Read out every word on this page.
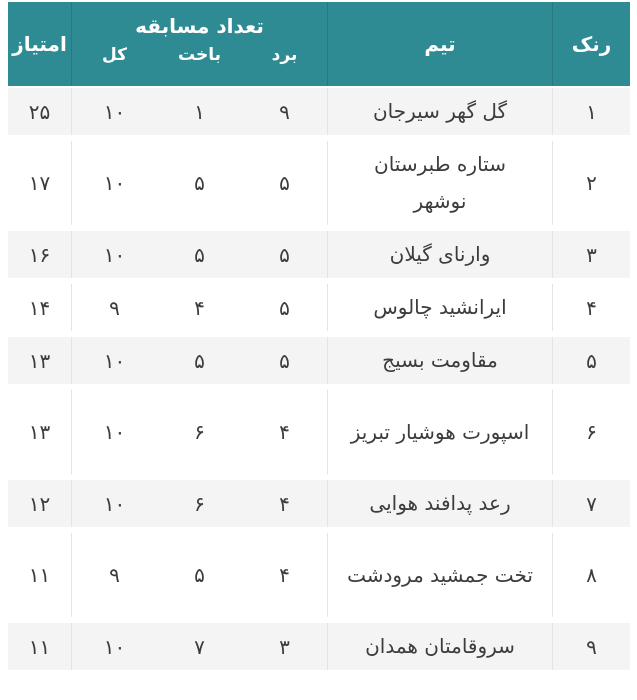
رنک
تیم
تعداد مسابقه
برد
باخت
کل
امتیاز
۱
گل گهر سیرجان
۹
۱
۱۰
۲۵
۲
ستاره طبرستان نوشهر
۵
۵
۱۰
۱۷
۳
وارنای گیلان
۵
۵
۱۰
۱۶
۴
ایرانشید چالوس
۵
۴
۹
۱۴
۵
مقاومت بسیج
۵
۵
۱۰
۱۳
۶
اسپورت هوشیار تبریز
۴
۶
۱۰
۱۳
۷
رعد پدافند هوایی
۴
۶
۱۰
۱۲
۸
تخت جمشید مرودشت
۴
۵
۹
۱۱
۹
سروقامتان همدان
۳
۷
۱۰
۱۱
